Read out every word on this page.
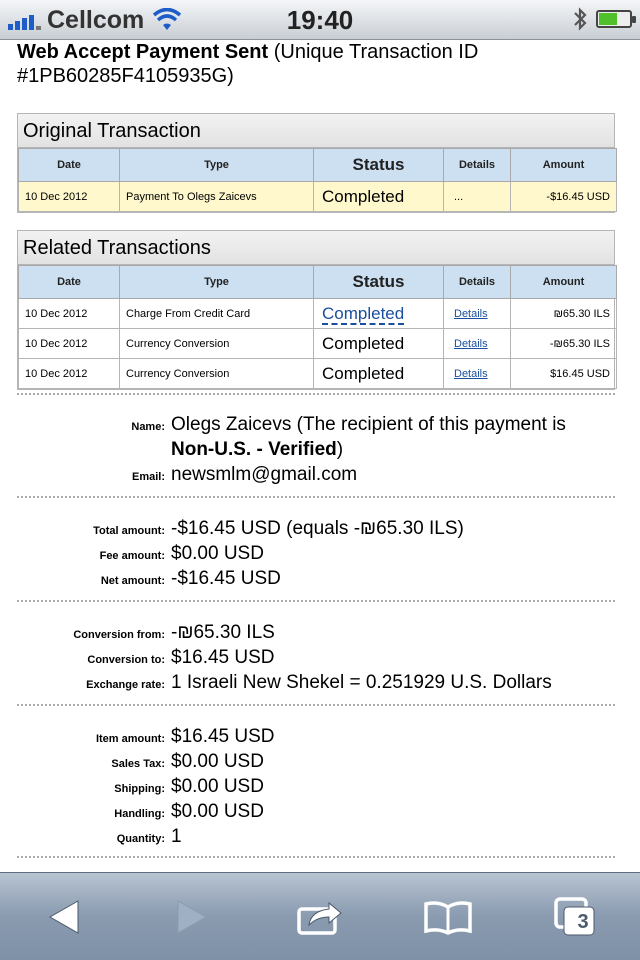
Cellcom	19:40
Web Accept Payment Sent (Unique Transaction ID #1PB60285F4105935G)
Original Transaction
Date	Type	Status	Details	Amount
10 Dec 2012	Payment To Olegs Zaicevs	Completed	...	-$16.45 USD
Related Transactions
Date	Type	Status	Details	Amount
10 Dec 2012	Charge From Credit Card	Completed	Details	₪65.30 ILS
10 Dec 2012	Currency Conversion	Completed	Details	-₪65.30 ILS
10 Dec 2012	Currency Conversion	Completed	Details	$16.45 USD
Name: Olegs Zaicevs (The recipient of this payment is Non-U.S. - Verified)
Email: newsmlm@gmail.com
Total amount: -$16.45 USD (equals -₪65.30 ILS)
Fee amount: $0.00 USD
Net amount: -$16.45 USD
Conversion from: -₪65.30 ILS
Conversion to: $16.45 USD
Exchange rate: 1 Israeli New Shekel = 0.251929 U.S. Dollars
Item amount: $16.45 USD
Sales Tax: $0.00 USD
Shipping: $0.00 USD
Handling: $0.00 USD
Quantity: 1
3
